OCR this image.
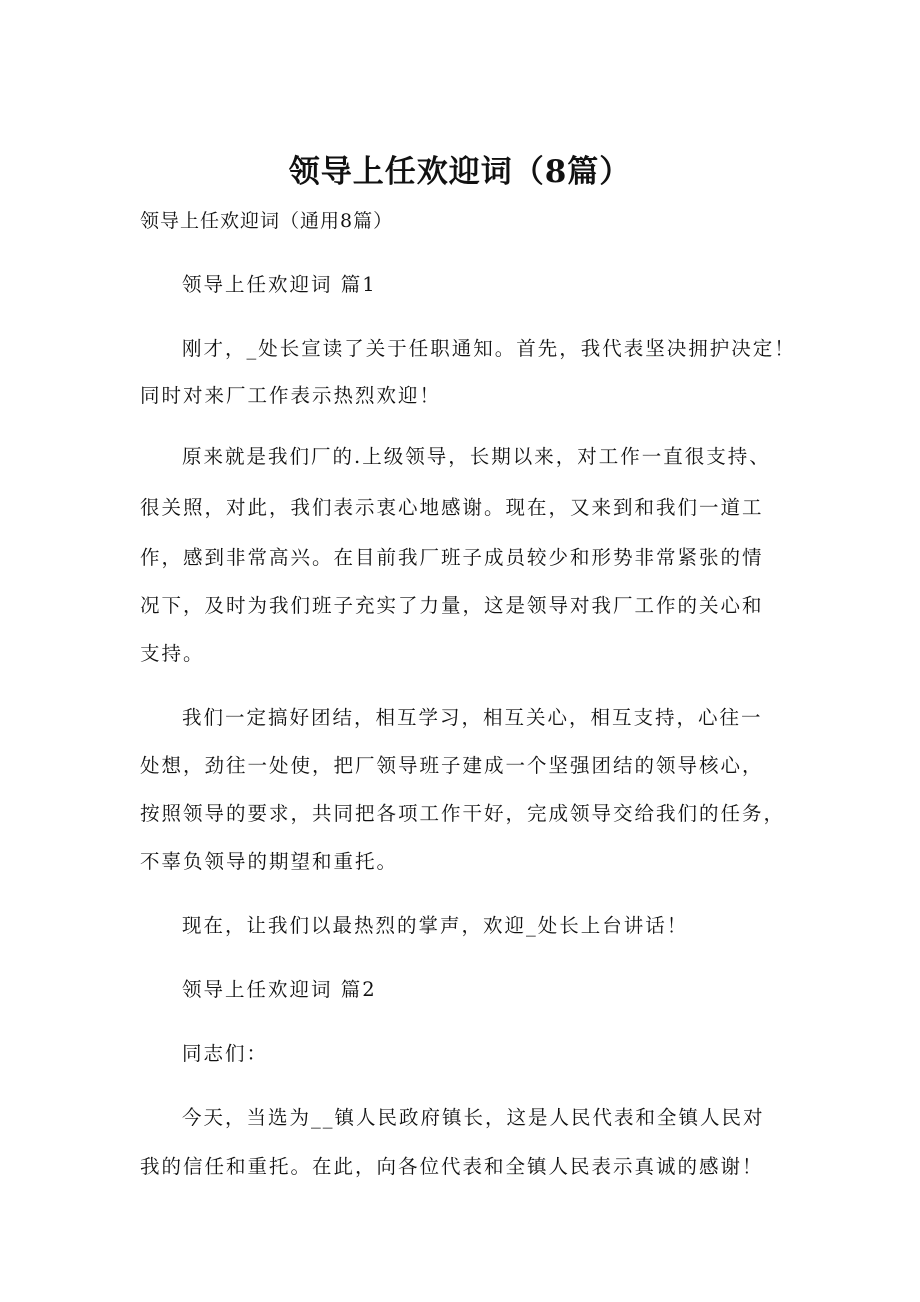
领导上任欢迎词（8篇）
领导上任欢迎词（通用8篇）
领导上任欢迎词 篇1
刚才，_处长宣读了关于任职通知。首先，我代表坚决拥护决定！
同时对来厂工作表示热烈欢迎！
原来就是我们厂的.上级领导，长期以来，对工作一直很支持、
很关照，对此，我们表示衷心地感谢。现在，又来到和我们一道工
作，感到非常高兴。在目前我厂班子成员较少和形势非常紧张的情
况下，及时为我们班子充实了力量，这是领导对我厂工作的关心和
支持。
我们一定搞好团结，相互学习，相互关心，相互支持，心往一
处想，劲往一处使，把厂领导班子建成一个坚强团结的领导核心，
按照领导的要求，共同把各项工作干好，完成领导交给我们的任务，
不辜负领导的期望和重托。
现在，让我们以最热烈的掌声，欢迎_处长上台讲话！
领导上任欢迎词 篇2
同志们：
今天，当选为__镇人民政府镇长，这是人民代表和全镇人民对
我的信任和重托。在此，向各位代表和全镇人民表示真诚的感谢！
